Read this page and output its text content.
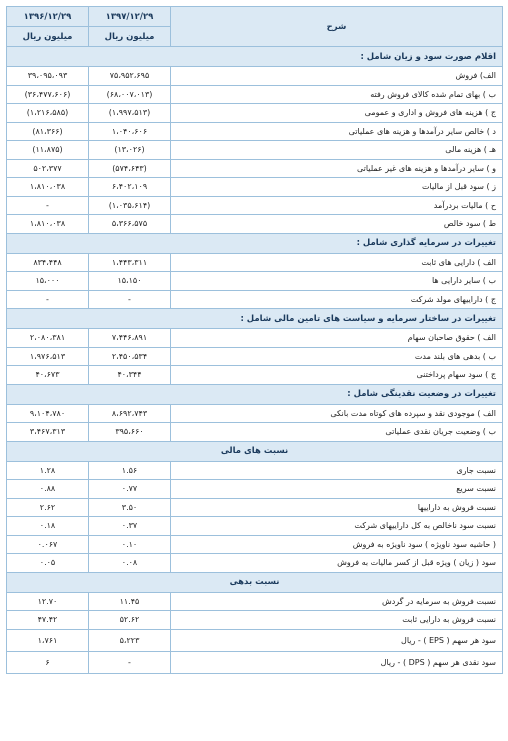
شرح	۱۳۹۷/۱۲/۲۹	۱۳۹۶/۱۲/۲۹
	میلیون ریال	میلیون ریال
اقلام صورت سود و زیان شامل :		
الف) فروش	۷۵،۹۵۲،۶۹۵	۳۹،۰۹۵،۰۹۳
ب ) بهای تمام شده کالای فروش رفته	(۶۸،۰۰۷،۰۱۳)	(۳۶،۴۷۷،۶۰۶)
ج ) هزینه های فروش و اداری و عمومی	(۱،۹۹۷،۵۱۳)	(۱،۲۱۶،۵۸۵)
د ) خالص سایر درآمدها و هزینه های عملیاتی	۱،۰۴۰،۶۰۶	(۸۱،۳۶۶)
هـ ) هزینه مالی	(۱۳،۰۲۶)	(۱۱،۸۷۵)
و ) سایر درآمدها و هزینه های غیر عملیاتی	(۵۷۴،۶۴۳)	۵۰۲،۳۷۷
ز ) سود قبل از مالیات	۶،۴۰۲،۱۰۹	۱،۸۱۰،۰۳۸
ح ) مالیات بردرآمد	(۱،۰۳۵،۶۱۴)	-
ط ) سود خالص	۵،۳۶۶،۵۷۵	۱،۸۱۰،۰۳۸
تغییرات در سرمایه گذاری شامل :		
الف ) دارایی های ثابت	۱،۴۴۳،۳۱۱	۸۳۴،۴۴۸
ب ) سایر دارایی ها	۱۵،۱۵۰	۱۵،۰۰۰
ج ) داراییهای مولد شرکت	-	-
تغییرات در ساختار سرمایه و سیاست های تامین مالی شامل :		
الف ) حقوق صاحبان سهام	۷،۴۴۶،۸۹۱	۲،۰۸۰،۳۸۱
ب ) بدهی های بلند مدت	۲،۴۵۰،۵۳۴	۱،۹۷۶،۵۱۳
ج ) سود سهام پرداختنی	۴۰،۳۴۴	۴۰،۶۷۳
تغییرات در وضعیت نقدینگی شامل :		
الف ) موجودی نقد و سپرده های کوتاه مدت بانکی	۸،۶۹۲،۷۴۳	۹،۱۰۴،۷۸۰
ب ) وضعیت جریان نقدی عملیاتی	۳۹۵،۶۶۰	۳،۴۶۷،۳۱۳
نسبت های مالی		
نسبت جاری	۱.۵۶	۱.۲۸
نسبت سریع	۰.۷۷	۰.۸۸
نسبت فروش به داراییها	۳.۵۰	۲.۶۲
نسبت سود ناخالص به کل داراییهای شرکت	۰.۳۷	۰.۱۸
( حاشیه سود ناویژه ) سود ناویژه به فروش	۰.۱۰	۰.۰۶۷
سود ( زیان ) ویژه قبل از کسر مالیات به فروش	۰.۰۸	۰.۰۵
نسبت بدهی		
نسبت فروش به سرمایه در گردش	۱۱.۴۵	۱۲.۷۰
نسبت فروش به دارایی ثابت	۵۲.۶۲	۴۷.۴۲
سود هر سهم ( EPS ) - ریال	۵،۲۲۳	۱،۷۶۱
سود نقدی هر سهم ( DPS ) - ریال	-	۶
